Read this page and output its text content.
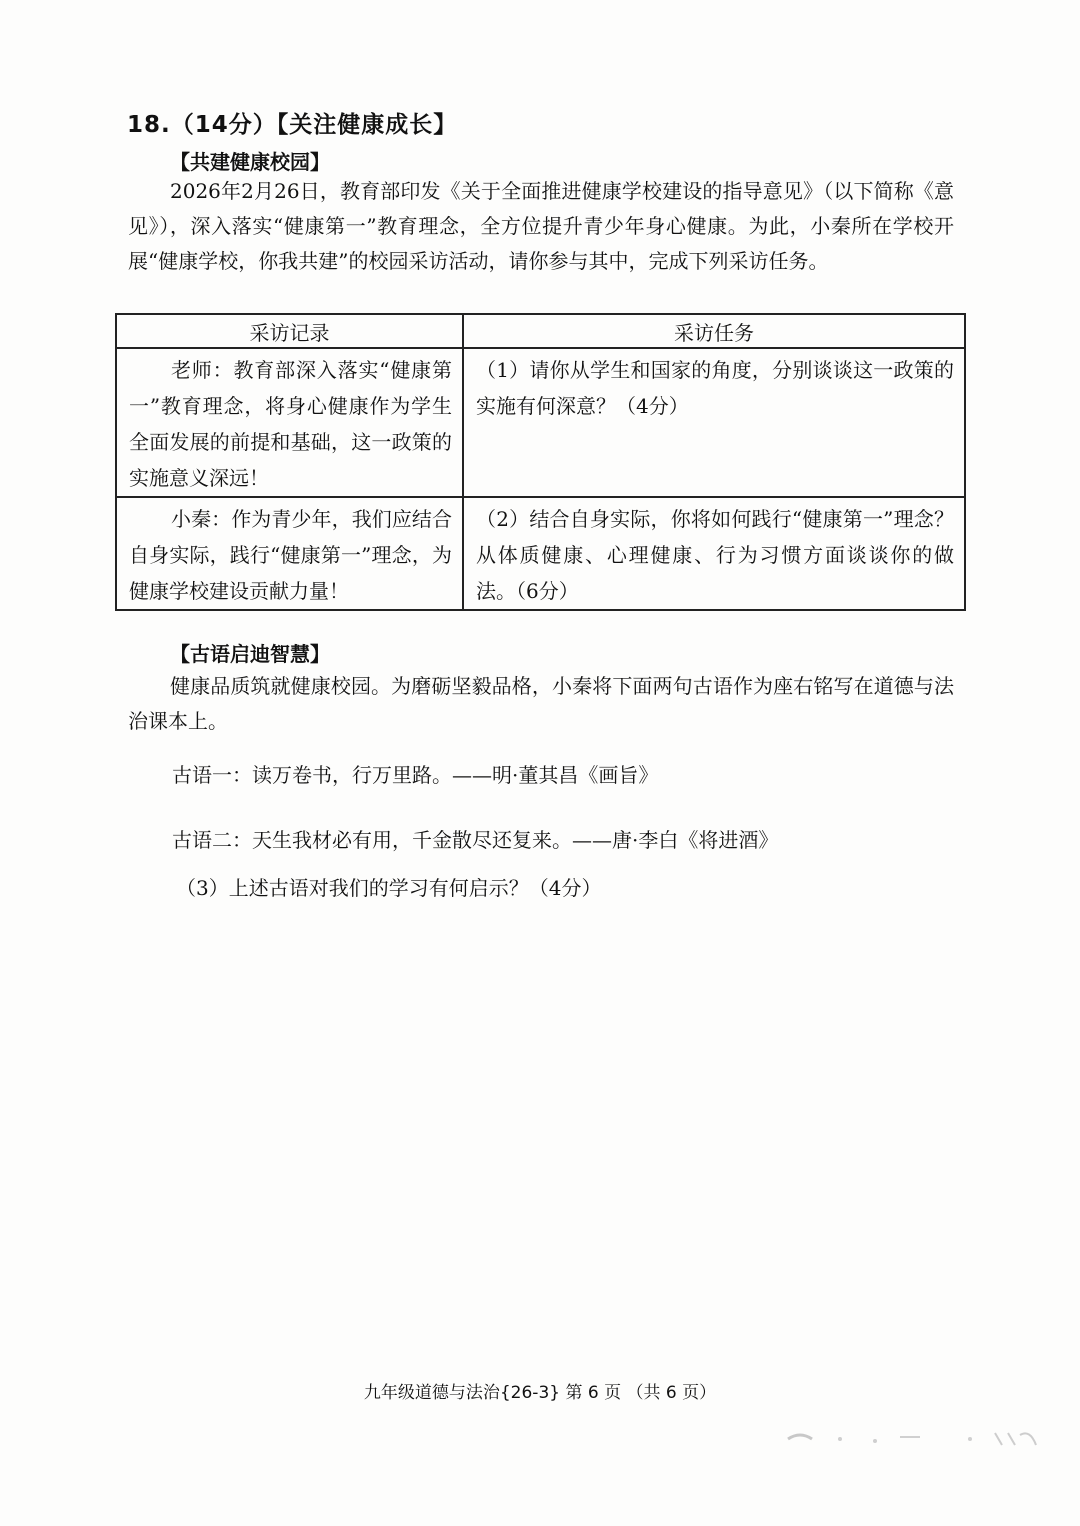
18.（14分）【关注健康成长】
【共建健康校园】

2026年2月26日，教育部印发《关于全面推进健康学校建设的指导意见》（以下简称《意见》），深入落实“健康第一”教育理念，全方位提升青少年身心健康。为此，小秦所在学校开展“健康学校，你我共建”的校园采访活动，请你参与其中，完成下列采访任务。

采访记录	采访任务
老师：教育部深入落实“健康第一”教育理念，将身心健康作为学生全面发展的前提和基础，这一政策的实施意义深远！	（1）请你从学生和国家的角度，分别谈谈这一政策的实施有何深意？（4分）
小秦：作为青少年，我们应结合自身实际，践行“健康第一”理念，为健康学校建设贡献力量！	（2）结合自身实际，你将如何践行“健康第一”理念？从体质健康、心理健康、行为习惯方面谈谈你的做法。（6分）
【古语启迪智慧】

健康品质筑就健康校园。为磨砺坚毅品格，小秦将下面两句古语作为座右铭写在道德与法治课本上。

古语一：读万卷书，行万里路。——明·董其昌《画旨》
古语二：天生我材必有用，千金散尽还复来。——唐·李白《将进酒》
（3）上述古语对我们的学习有何启示？（4分）
九年级道德与法治{26-3} 第 6 页 （共 6 页）
